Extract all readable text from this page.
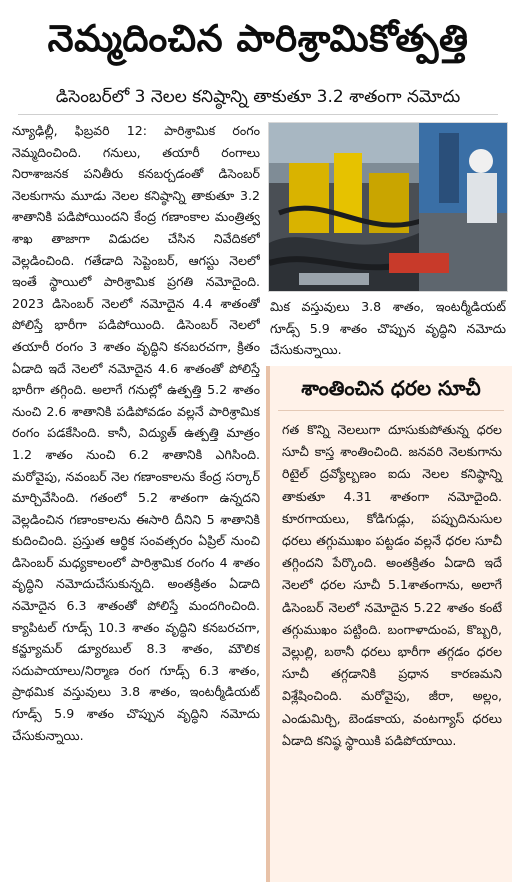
నెమ్మదించిన పారిశ్రామికోత్పత్తి
డిసెంబర్‌లో 3 నెలల కనిష్ఠాన్ని తాకుతూ 3.2 శాతంగా నమోదు

న్యూఢిల్లీ, ఫిబ్రవరి 12: పారిశ్రామిక రంగం నెమ్మదించింది. గనులు, తయారీ రంగాలు నిరాశాజనక పనితీరు కనబర్చడంతో డిసెంబర్‌ నెలకుగాను మూడు నెలల కనిష్ఠాన్ని తాకుతూ 3.2 శాతానికి పడిపోయిందని కేంద్ర గణాంకాల మంత్రిత్వ శాఖ తాజాగా విడుదల చేసిన నివేదికలో వెల్లడించింది. గతేడాది సెప్టెంబర్‌, ఆగస్టు నెలలో ఇంతే స్థాయిలో పారిశ్రామిక ప్రగతి నమోదైంది. 2023 డిసెంబర్‌ నెలలో నమోదైన 4.4 శాతంతో పోలిస్తే భారీగా పడిపోయింది. డిసెంబర్‌ నెలలో తయారీ రంగం 3 శాతం వృద్ధిని కనబరచగా, క్రితం ఏడాది ఇదే నెలలో నమోదైన 4.6 శాతంతో పోలిస్తే భారీగా తగ్గింది. అలాగే గనుల్లో ఉత్పత్తి 5.2 శాతం నుంచి 2.6 శాతానికి పడిపోవడం వల్లనే పారిశ్రామిక రంగం పడకేసింది. కానీ, విద్యుత్‌ ఉత్పత్తి మాత్రం 1.2 శాతం నుంచి 6.2 శాతానికి ఎగిసింది. మరోవైపు, నవంబర్‌ నెల గణాంకాలను కేంద్ర సర్కార్‌ మార్చివేసింది. గతంలో 5.2 శాతంగా ఉన్నదని వెల్లడించిన గణాంకాలను ఈసారి దీనిని 5 శాతానికి కుదించింది. ప్రస్తుత ఆర్థిక సంవత్సరం ఏప్రిల్‌ నుంచి డిసెంబర్‌ మధ్యకాలంలో పారిశ్రామిక రంగం 4 శాతం వృద్ధిని నమోదుచేసుకున్నది. అంతక్రితం ఏడాది నమోదైన 6.3 శాతంతో పోలిస్తే మందగించింది. క్యాపిటల్‌ గూడ్స్‌ 10.3 శాతం వృద్ధిని కనబరచగా, కన్జ్యూమర్‌ డ్యూరబుల్‌ 8.3 శాతం, మౌలిక సదుపాయాలు/నిర్మాణ రంగ గూడ్స్‌ 6.3 శాతం, ప్రాథమిక వస్తువులు 3.8 శాతం, ఇంటర్మీడియట్‌ గూడ్స్‌ 5.9 శాతం చొప్పున వృద్ధిని నమోదు చేసుకున్నాయి.

మిక వస్తువులు 3.8 శాతం, ఇంటర్మీడియట్‌ గూడ్స్‌ 5.9 శాతం చొప్పున వృద్ధిని నమోదు చేసుకున్నాయి.

శాంతించిన ధరల సూచీ

గత కొన్ని నెలలుగా దూసుకుపోతున్న ధరల సూచీ కాస్త శాంతించింది. జనవరి నెలకుగాను రిటైల్‌ ద్రవ్యోల్బణం ఐదు నెలల కనిష్ఠాన్ని తాకుతూ 4.31 శాతంగా నమోదైంది. కూరగాయలు, కోడిగుడ్లు, పప్పుదినుసుల ధరలు తగ్గుముఖం పట్టడం వల్లనే ధరల సూచీ తగ్గిందని పేర్కొంది. అంతక్రితం ఏడాది ఇదే నెలలో ధరల సూచీ 5.1శాతంగాను, అలాగే డిసెంబర్‌ నెలలో నమోదైన 5.22 శాతం కంటే తగ్గుముఖం పట్టింది. బంగాళాదుంప, కొబ్బరి, వెల్లుల్లి, బఠానీ ధరలు భారీగా తగ్గడం ధరల సూచీ తగ్గడానికి ప్రధాన కారణమని విశ్లేషించింది. మరోవైపు, జీరా, అల్లం, ఎండుమిర్చి, బెండకాయ, వంటగ్యాస్‌ ధరలు ఏడాది కనిష్ఠ స్థాయికి పడిపోయాయి.
